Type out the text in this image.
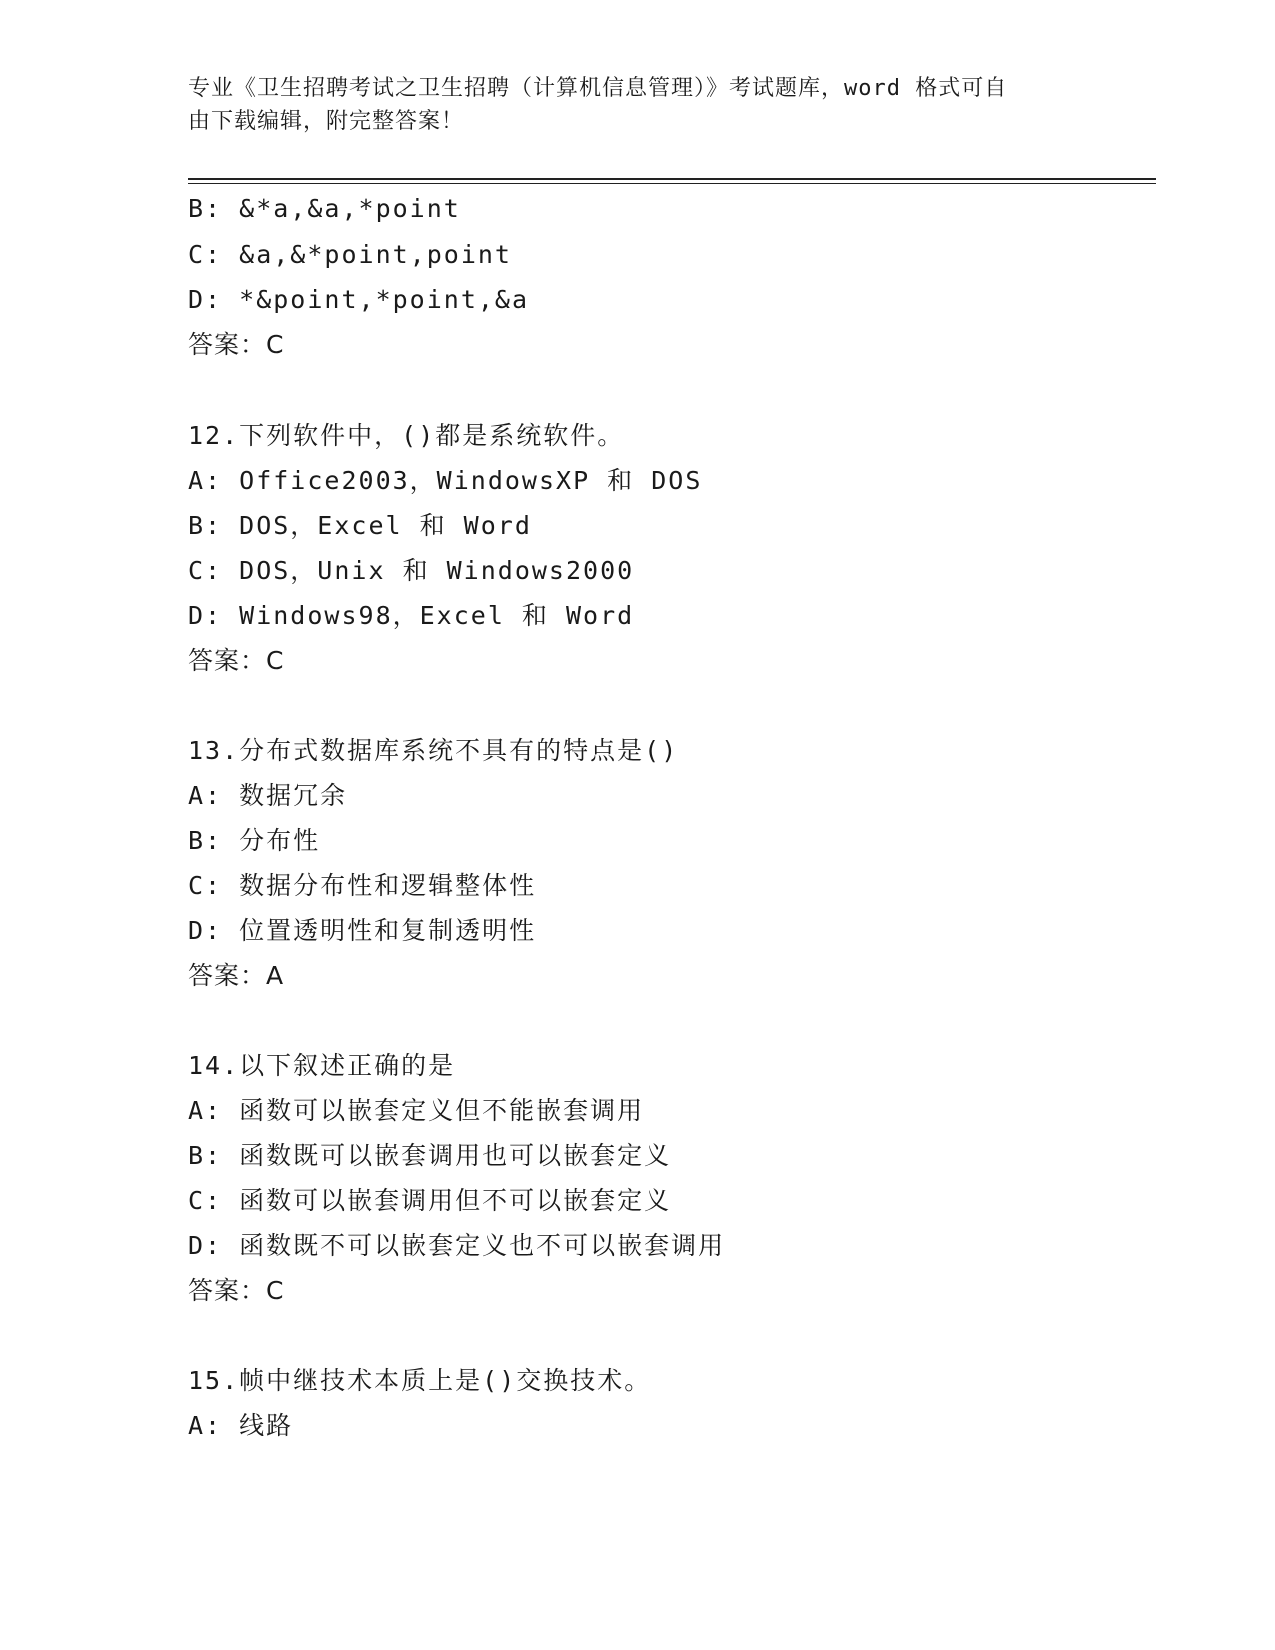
专业《卫生招聘考试之卫生招聘（计算机信息管理）》考试题库，word 格式可自
由下载编辑，附完整答案！
B: &*a,&a,*point
C: &a,&*point,point
D: *&point,*point,&a
答案：C
12.下列软件中，()都是系统软件。
A: Office2003，WindowsXP 和 DOS
B: DOS，Excel 和 Word
C: DOS，Unix 和 Windows2000
D: Windows98，Excel 和 Word
答案：C
13.分布式数据库系统不具有的特点是()
A: 数据冗余
B: 分布性
C: 数据分布性和逻辑整体性
D: 位置透明性和复制透明性
答案：A
14.以下叙述正确的是
A: 函数可以嵌套定义但不能嵌套调用
B: 函数既可以嵌套调用也可以嵌套定义
C: 函数可以嵌套调用但不可以嵌套定义
D: 函数既不可以嵌套定义也不可以嵌套调用
答案：C
15.帧中继技术本质上是()交换技术。
A: 线路
